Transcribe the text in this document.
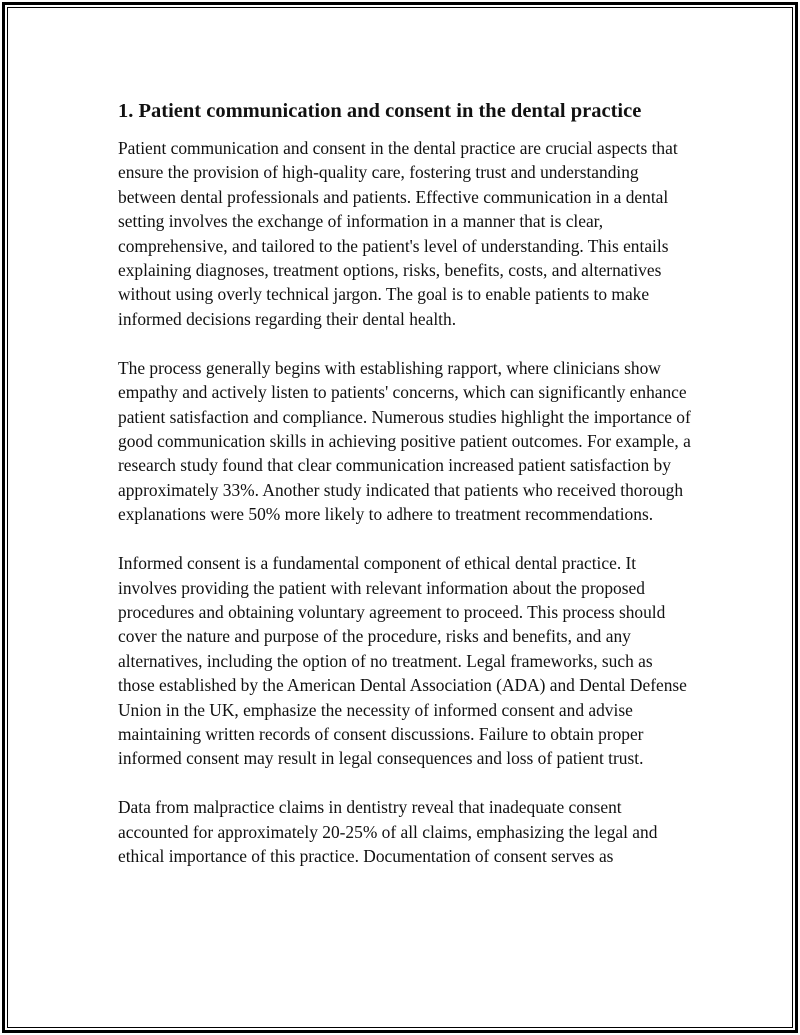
1. Patient communication and consent in the dental practice

Patient communication and consent in the dental practice are crucial aspects that ensure the provision of high-quality care, fostering trust and understanding between dental professionals and patients. Effective communication in a dental setting involves the exchange of information in a manner that is clear, comprehensive, and tailored to the patient's level of understanding. This entails explaining diagnoses, treatment options, risks, benefits, costs, and alternatives without using overly technical jargon. The goal is to enable patients to make informed decisions regarding their dental health.

The process generally begins with establishing rapport, where clinicians show empathy and actively listen to patients' concerns, which can significantly enhance patient satisfaction and compliance. Numerous studies highlight the importance of good communication skills in achieving positive patient outcomes. For example, a research study found that clear communication increased patient satisfaction by approximately 33%. Another study indicated that patients who received thorough explanations were 50% more likely to adhere to treatment recommendations.

Informed consent is a fundamental component of ethical dental practice. It involves providing the patient with relevant information about the proposed procedures and obtaining voluntary agreement to proceed. This process should cover the nature and purpose of the procedure, risks and benefits, and any alternatives, including the option of no treatment. Legal frameworks, such as those established by the American Dental Association (ADA) and Dental Defense Union in the UK, emphasize the necessity of informed consent and advise maintaining written records of consent discussions. Failure to obtain proper informed consent may result in legal consequences and loss of patient trust.

Data from malpractice claims in dentistry reveal that inadequate consent accounted for approximately 20-25% of all claims, emphasizing the legal and ethical importance of this practice. Documentation of consent serves as
